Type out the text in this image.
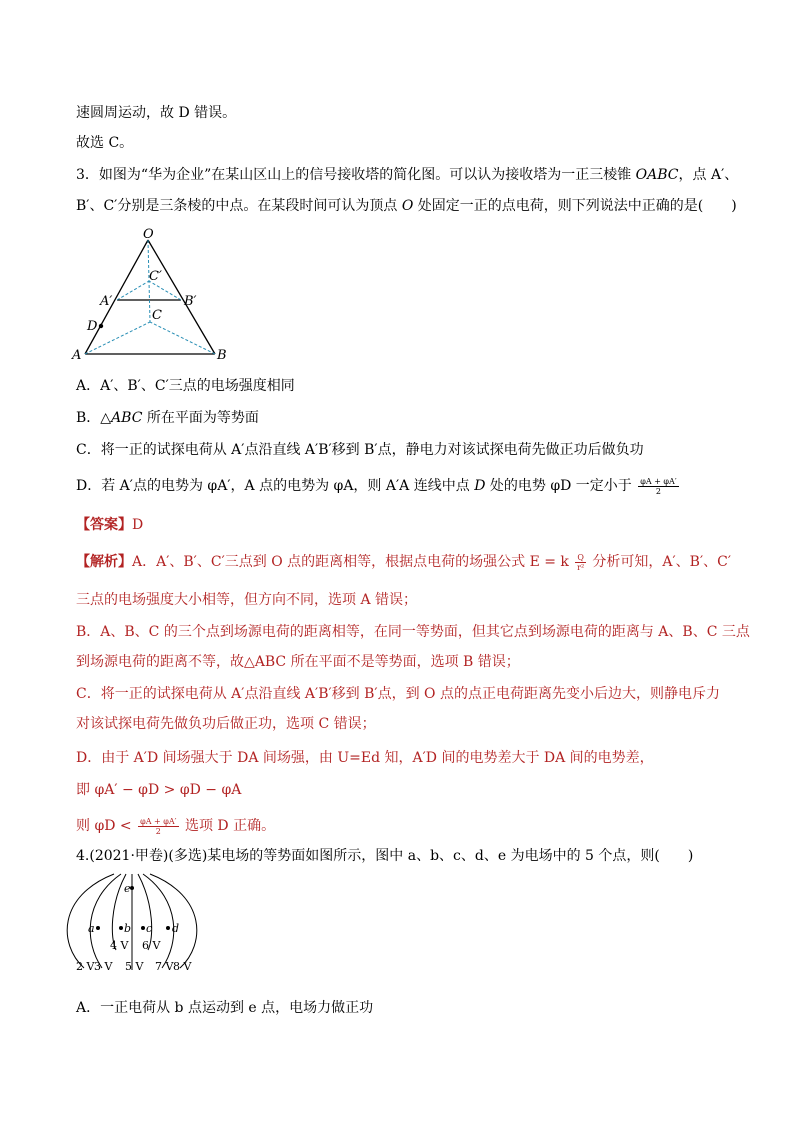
速圆周运动，故 D 错误。
故选 C。
3．如图为“华为企业”在某山区山上的信号接收塔的简化图。可以认为接收塔为一正三棱锥 OABC，点 A′、
B′、C′分别是三条棱的中点。在某段时间可认为顶点 O 处固定一正的点电荷，则下列说法中正确的是(　　)
O
C′
A′	B′
C
D
A	B
A．A′、B′、C′三点的电场强度相同
B．△ABC 所在平面为等势面
C．将一正的试探电荷从 A′点沿直线 A′B′移到 B′点，静电力对该试探电荷先做正功后做负功
D．若 A′点的电势为 φA′，A 点的电势为 φA，则 A′A 连线中点 D 处的电势 φD 一定小于 $\frac{\varphi A + \varphi A'}{2}$
【答案】D
【解析】A．A′、B′、C′三点到 O 点的距离相等，根据点电荷的场强公式 E = k $\frac{Q}{\text{r²}}$ 分析可知，A′、B′、C′
三点的电场强度大小相等，但方向不同，选项 A 错误；
B．A、B、C 的三个点到场源电荷的距离相等，在同一等势面，但其它点到场源电荷的距离与 A、B、C 三点
到场源电荷的距离不等，故△ABC 所在平面不是等势面，选项 B 错误；
C．将一正的试探电荷从 A′点沿直线 A′B′移到 B′点，到 O 点的点正电荷距离先变小后边大，则静电斥力
对该试探电荷先做负功后做正功，选项 C 错误；
D．由于 A′D 间场强大于 DA 间场强，由 U=Ed 知，A′D 间的电势差大于 DA 间的电势差，
即 φA′ − φD > φD − φA
则 $\varphi D < \frac{\varphi A + \varphi A'}{2}$ 选项 D 正确。
4.(2021·甲卷)(多选)某电场的等势面如图所示，图中 a、b、c、d、e 为电场中的 5 个点，则(　　)
e
a	b c d
4 V 6 V
2 V 3 V 5 V 7 V 8 V
A．一正电荷从 b 点运动到 e 点，电场力做正功
